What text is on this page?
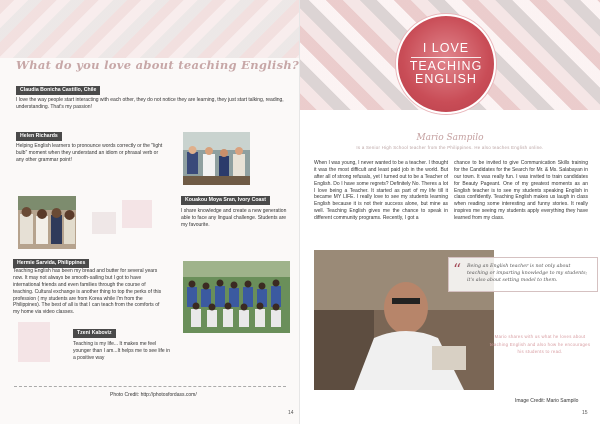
What do you love about teaching English?
Claudia Bonicha Castillo, Chile
I love the way people start interacting with each other, they do not notice they are learning, they just start talking, reading, understanding. That's my passion!
Helen Richards
Helping English learners to pronounce words correctly or the "light bulb" moment when they understand an idiom or phrasal verb or any other grammar point!
Kouakou Moya Sran, Ivory Coast
I share knowledge and create a new generation able to face any lingual challenge. Students are my favourite.
Hermie Sarvida, Philippines
Teaching English has been my bread and butter for several years now. It may not always be smooth-sailing but I got to have international friends and even families through the course of teaching. Cultural exchange is another thing to top the perks of this profession ( my students are from Korea while I'm from the Philippines). The best of all is that I can teach from the comforts of my home via video classes.
Tzeni Kaboviz
Teaching is my life... It makes me feel younger than I am...It helps me to see life in a positive way
Photo Credit: http://photosfordass.com/
14
I LOVE
TEACHING
ENGLISH
Mario Sampilo
Is a Senior High School teacher from the Philippines. He also teaches English online.
When I was young, I never wanted to be a teacher. I thought it was the most difficult and least paid job in the world. But after all of strong refusals, yet I turned out to be a Teacher of English. Do I have some regrets? Definitely No. Theres a lot I love being a Teacher. It started as part of my life till it became MY LIFE. I really love to see my students learning English because it is not their success alone, but mine as well. Teaching English gives me the chance to speak in different community programs. Recently, I got a
chance to be invited to give Communication Skills training for the Candidates for the Search for Mr. & Ms. Salabayan in our town. It was really fun. I was invited to train candidates for Beauty Pageant. One of my greatest moments as an English teacher is to see my students speaking English in class confidently. Teaching English makes us laugh in class when reading some interesting and funny stories. It really inspires me seeing my students apply everything they have learned from my class.
“ Being an English teacher is not only about teaching or imparting knowledge to my students; it's also about setting model to them.
Mario shares with us what he loves about teaching English and also how he encourages his students to read.
Image Credit: Mario Sampilo
15
